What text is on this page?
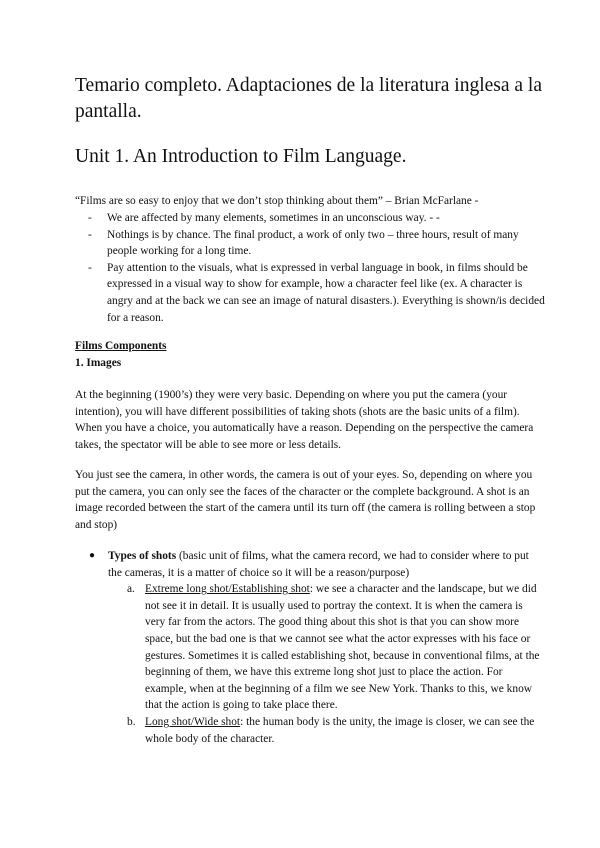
Temario completo. Adaptaciones de la literatura inglesa a la pantalla.
Unit 1. An Introduction to Film Language.

“Films are so easy to enjoy that we don’t stop thinking about them” – Brian McFarlane -

- We are affected by many elements, sometimes in an unconscious way. - -
- Nothings is by chance. The final product, a work of only two – three hours, result of many people working for a long time.
- Pay attention to the visuals, what is expressed in verbal language in book, in films should be expressed in a visual way to show for example, how a character feel like (ex. A character is angry and at the back we can see an image of natural disasters.). Everything is shown/is decided for a reason.

Films Components

1. Images

At the beginning (1900’s) they were very basic. Depending on where you put the camera (your intention), you will have different possibilities of taking shots (shots are the basic units of a film). When you have a choice, you automatically have a reason. Depending on the perspective the camera takes, the spectator will be able to see more or less details.

You just see the camera, in other words, the camera is out of your eyes. So, depending on where you put the camera, you can only see the faces of the character or the complete background. A shot is an image recorded between the start of the camera until its turn off (the camera is rolling between a stop and stop)

● Types of shots (basic unit of films, what the camera record, we had to consider where to put the cameras, it is a matter of choice so it will be a reason/purpose)
a. Extreme long shot/Establishing shot: we see a character and the landscape, but we did not see it in detail. It is usually used to portray the context. It is when the camera is very far from the actors. The good thing about this shot is that you can show more space, but the bad one is that we cannot see what the actor expresses with his face or gestures. Sometimes it is called establishing shot, because in conventional films, at the beginning of them, we have this extreme long shot just to place the action. For example, when at the beginning of a film we see New York. Thanks to this, we know that the action is going to take place there.
b. Long shot/Wide shot: the human body is the unity, the image is closer, we can see the whole body of the character.
